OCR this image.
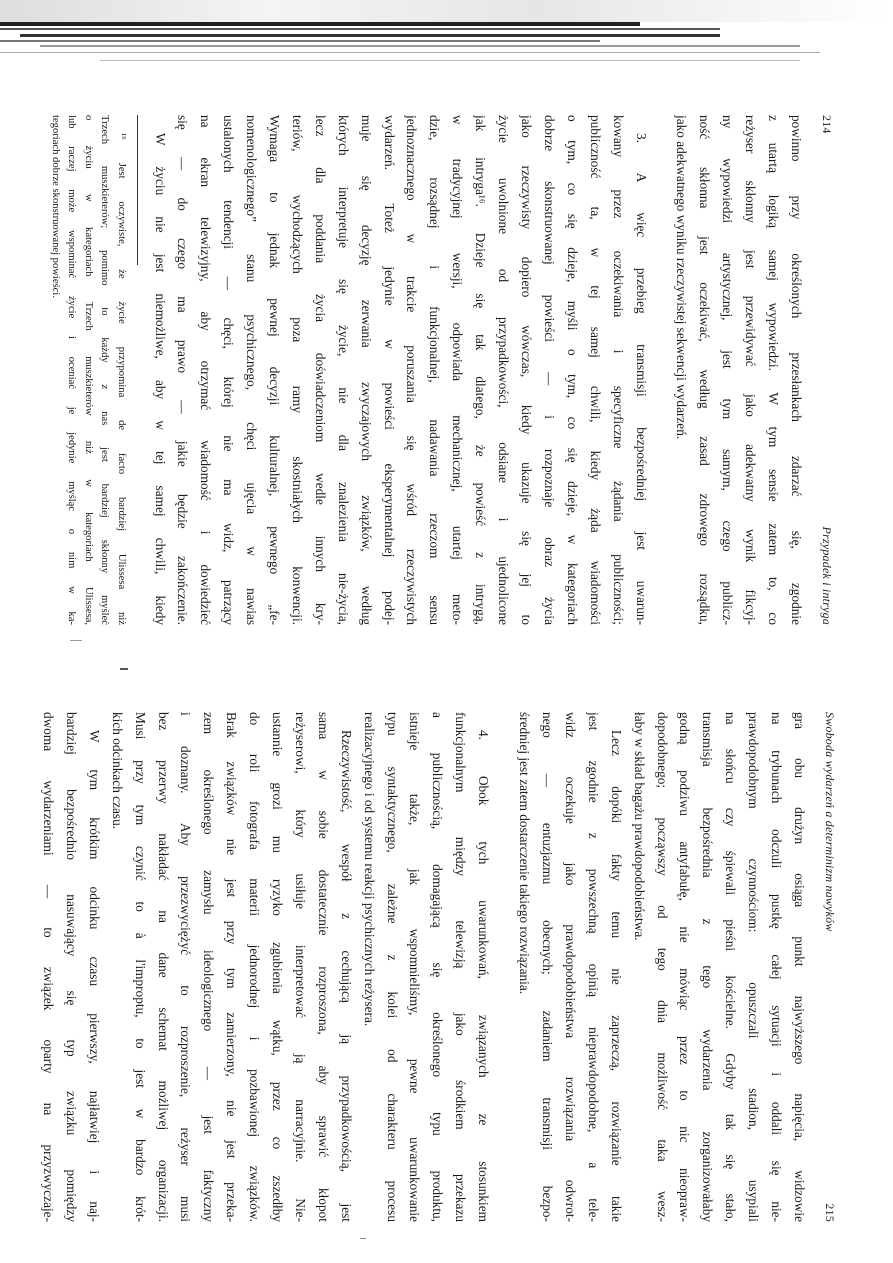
214
Przypadek i intryga
powinno przy określonych przesłankach zdarzać się, zgodnie
z utartą logiką samej wypowiedzi. W tym sensie zatem to, co
reżyser skłonny jest przewidywać jako adekwatny wynik fikcyj-
ny wypowiedzi artystycznej, jest tym samym, czego publicz-
ność skłonna jest oczekiwać, według zasad zdrowego rozsądku,
jako adekwatnego wyniku rzeczywistej sekwencji wydarzeń.
3. A więc przebieg transmisji bezpośredniej jest uwarun-
kowany przez oczekiwania i specyficzne żądania publiczności;
publiczność ta, w tej samej chwili, kiedy żąda wiadomości
o tym, co się dzieje, myśli o tym, co się dzieje, w kategoriach
dobrze skonstruowanej powieści — i rozpoznaje obraz życia
jako rzeczywisty dopiero wówczas, kiedy ukazuje się jej to
życie uwolnione od przypadkowości, odsiane i ujednolicone
jak intryga¹⁶. Dzieje się tak dlatego, że powieść z intrygą,
w tradycyjnej wersji, odpowiada mechanicznej, utartej meto-
dzie, rozsądnej i funkcjonalnej, nadawania rzeczom sensu
jednoznacznego w trakcie poruszania się wśród rzeczywistych
wydarzeń. Toteż jedynie w powieści eksperymentalnej podej-
muje się decyzję zerwania zwyczajowych związków, według
których interpretuje się życie, nie dla znalezienia nie-życia,
lecz dla poddania życia doświadczeniom wedle innych kry-
teriów, wychodzących poza ramy skostniałych konwencji.
Wymaga to jednak pewnej decyzji kulturalnej, pewnego „fe-
nomenologicznego” stanu psychicznego, chęci ujęcia w nawias
ustalonych tendencji — chęci, której nie ma widz, patrzący
na ekran telewizyjny, aby otrzymać wiadomość i dowiedzieć
się — do czego ma prawo — jakie będzie zakończenie.
W życiu nie jest niemożliwe, aby w tej samej chwili, kiedy
¹⁶ Jest oczywiste, że życie przypomina de facto bardziej Ulissesa niż
Trzech muszkieterów; pomimo to każdy z nas jest bardziej skłonny myśleć
o życiu w kategoriach Trzech muszkieterów niż w kategoriach Ulissesa,
lub raczej może wspominać życie i oceniać je jedynie myśląc o nim w ka-
tegoriach dobrze skonstruowanej powieści.
Swoboda wydarzeń a determinizm nawyków
215
gra obu drużyn osiąga punkt najwyższego napięcia, widzowie
na trybunach odczuli pustkę całej sytuacji i oddali się nie-
prawdopodobnym czynnościom: opuszczali stadion, usypiali
na słońcu czy śpiewali pieśni kościelne. Gdyby tak się stało,
transmisja bezpośrednia z tego wydarzenia zorganizowałaby
godną podziwu antyfabułę, nie mówiąc przez to nic nieopraw-
dopodobnego; począwszy od tego dnia możliwość taka wesz-
łaby w skład bagażu prawdopodobieństwa.
Lecz dopóki fakty temu nie zaprzeczą, rozwiązanie takie
jest zgodnie z powszechną opinią nieprawdopodobne, a tele-
widz oczekuje jako prawdopodobieństwa rozwiązania odwrot-
nego — entuzjazmu obecnych; zadaniem transmisji bezpo-
średniej jest zatem dostarczenie takiego rozwiązania.
4. Obok tych uwarunkowań, związanych ze stosunkiem
funkcjonalnym między telewizją jako środkiem przekazu
a publicznością, domagającą się określonego typu produktu,
istnieje także, jak wspomnieliśmy, pewne uwarunkowanie
typu syntaktycznego, zależne z kolei od charakteru procesu
realizacyjnego i od systemu reakcji psychicznych reżysera.
Rzeczywistość, wespół z cechującą ją przypadkowością, jest
sama w sobie dostatecznie rozproszona, aby sprawić kłopot
reżyserowi, który usiłuje interpretować ją narracyjnie. Nie-
ustannie grozi mu ryzyko zgubienia wątku, przez co zszedłby
do roli fotografa materii jednorodnej i pozbawionej związków.
Brak związków nie jest przy tym zamierzony, nie jest przeka-
zem określonego zamysłu ideologicznego — jest faktyczny
i doznany. Aby przezwyciężyć to rozproszenie, reżyser musi
bez przerwy nakładać na dane schemat możliwej organizacji.
Musi przy tym czynić to à l'improptu, to jest w bardzo krót-
kich odcinkach czasu.
W tym krótkim odcinku czasu pierwszy, najłatwiej i naj-
bardziej bezpośrednio nasuwający się typ związku pomiędzy
dwoma wydarzeniami — to związek oparty na przyzwyczaje-
